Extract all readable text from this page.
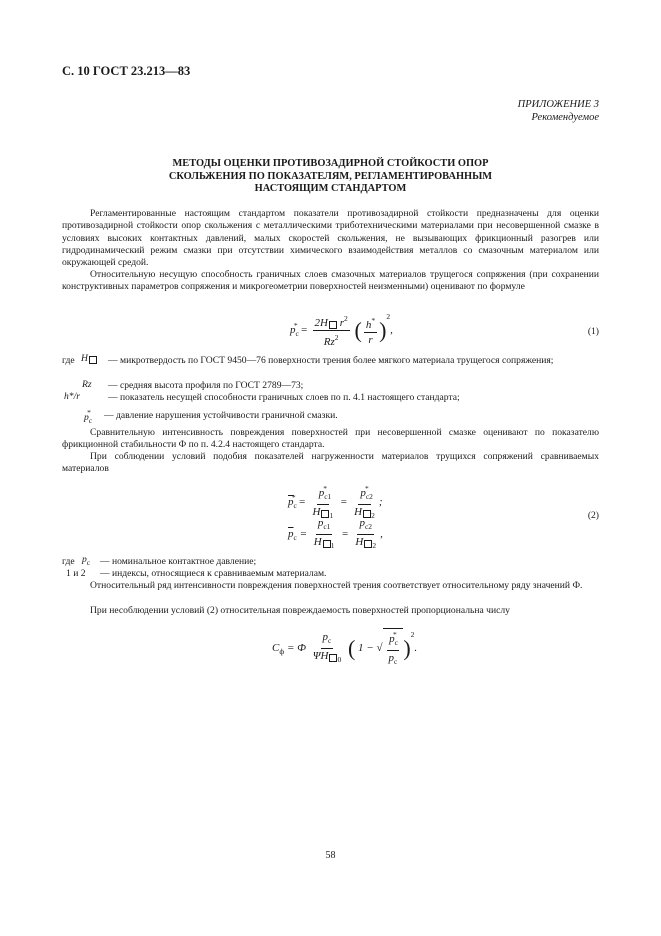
С. 10 ГОСТ 23.213—83
ПРИЛОЖЕНИЕ 3
Рекомендуемое
МЕТОДЫ ОЦЕНКИ ПРОТИВОЗАДИРНОЙ СТОЙКОСТИ ОПОР
СКОЛЬЖЕНИЯ ПО ПОКАЗАТЕЛЯМ, РЕГЛАМЕНТИРОВАННЫМ
НАСТОЯЩИМ СТАНДАРТОМ

Регламентированные настоящим стандартом показатели противозадирной стойкости предназначены для оценки противозадирной стойкости опор скольжения с металлическими триботехническими материалами при несовершенной смазке в условиях высоких контактных давлений, малых скоростей скольжения, не вызывающих фрикционный разогрев или гидродинамический режим смазки при отсутствии химического взаимодействия металлов со смазочным материалом или окружающей средой.

Относительную несущую способность граничных слоев смазочных материалов трущегося сопряжения (при сохранении конструктивных параметров сопряжения и микрогеометрии поверхностей неизменными) оценивают по формуле

$p_с^* = \frac{2H r^2}{Rz^2}$ ( $\frac{h^*}{r} )^2$,	(1)
где H	— микротвердость по ГОСТ 9450—76 поверхности трения более мягкого материала трущегося сопряжения;
Rz — средняя высота профиля по ГОСТ 2789—73;
h*/r	— показатель несущей способности граничных слоев по п. 4.1 настоящего стандарта;
$p_с^*$ — давление нарушения устойчивости граничной смазки.

Сравнительную интенсивность повреждения поверхностей при несовершенной смазке оценивают по показателю фрикционной стабильности Ф по п. 4.2.4 настоящего стандарта.

При соблюдении условий подобия показателей нагруженности материалов трущихся сопряжений сравниваемых материалов

$\overline{p}_с^* = \frac{p_{с1}^*}{H _1} = \frac{p_{с2}^*}{H _2}$ ;
$\overline{p}_с = \frac{p_{с1}}{H _1} = \frac{p_{с2}}{H _2}$ ,
(2)
где $p_с$ — номинальное контактное давление;
1 и 2 — индексы, относящиеся к сравниваемым материалам.

Относительный ряд интенсивности повреждения поверхностей трения соответствует относительному ряду значений Ф.

При несоблюдении условий (2) относительная повреждаемость поверхностей пропорциональна числу

$C_ф = Ф \frac{p_с}{\Psi H _0}$ ( 1 − √ $\frac{p_с^*}{p_с} )^2$.
58
